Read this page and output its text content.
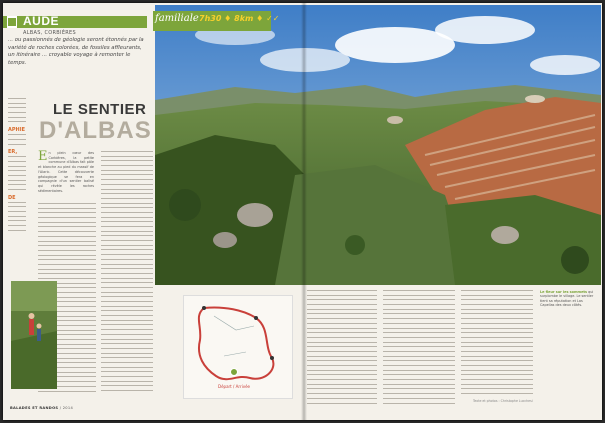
AUDE
ALBAS, CORBIÈRES
familiale 7h30 ♦ 8km ♦ ✓✓
... ou passionnés de géologie seront étonnés par la variété de roches colorées, de fossiles affleurants, un itinéraire ... croyable voyage à remonter le temps.
APHIE
ER,
DE
LE SENTIER
D'ALBAS
E n plein cœur des Corbières, la petite commune d'Albas fait pâle et blanche au pied du massif de l'Alaric. Cette découverte géologique se fera en compagnie d'un sentier balisé qui révèle les roches sédimentaires.
Départ / Arrivée
Le fleur sur les sommets qui surplombe le village. Le sentier tient sa réputation et Las Capellas des deux côtés.
Texte et photos : Christophe Lucchesi
BALADES ET RANDOS / 2014
